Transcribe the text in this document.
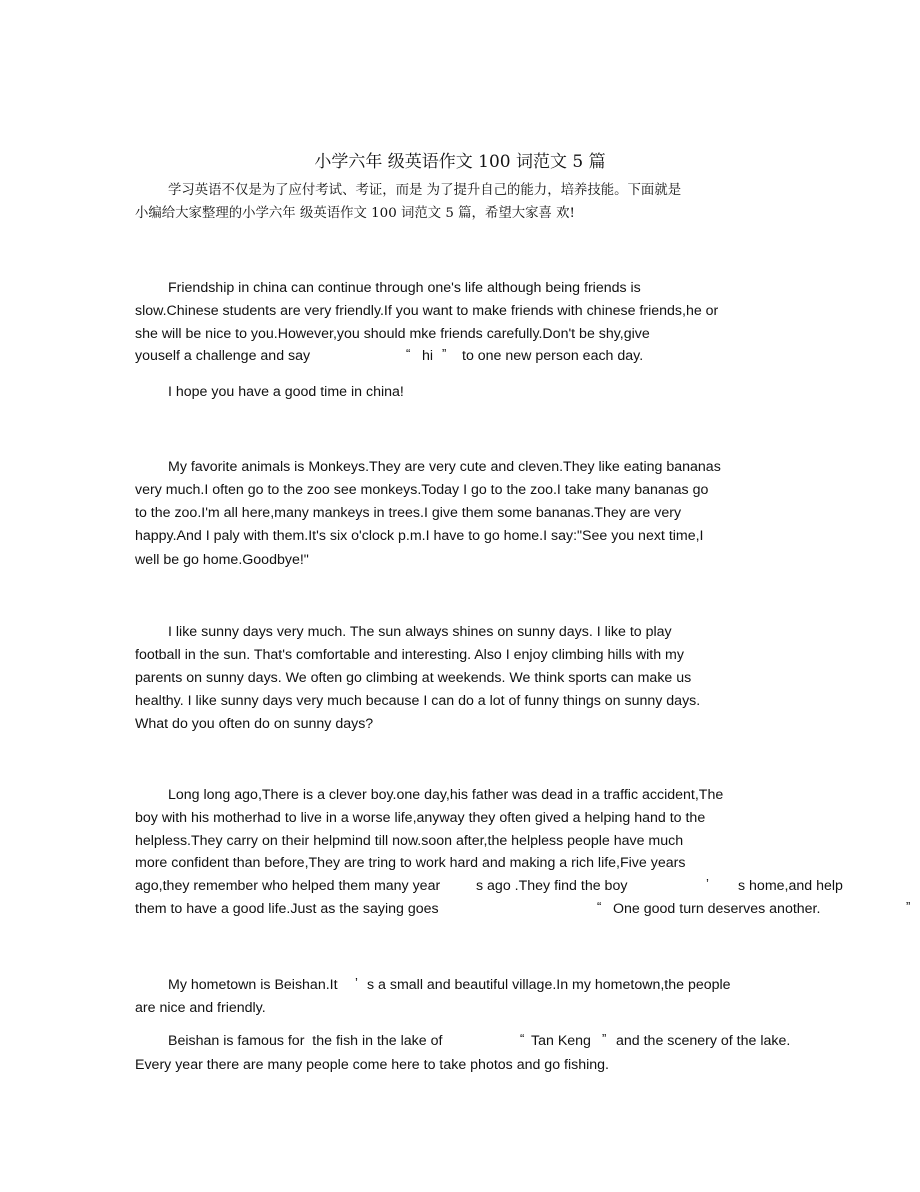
小学六年 级英语作文 100 词范文 5 篇
学习英语不仅是为了应付考试、考证，而是 为了提升自己的能力，培养技能。下面就是
小编给大家整理的小学六年 级英语作文 100 词范文 5 篇，希望大家喜 欢!
Friendship in china can continue through one's life although being friends is
slow.Chinese students are very friendly.If you want to make friends with chinese friends,he or
she will be nice to you.However,you should mke friends carefully.Don't be shy,give
youself a challenge and say	“ hi ” to one new person each day.
I hope you have a good time in china!
My favorite animals is Monkeys.They are very cute and cleven.They like eating bananas
very much.I often go to the zoo see monkeys.Today I go to the zoo.I take many bananas go
to the zoo.I'm all here,many mankeys in trees.I give them some bananas.They are very
happy.And I paly with them.It's six o'clock p.m.I have to go home.I say:"See you next time,I
well be go home.Goodbye!"
I like sunny days very much. The sun always shines on sunny days. I like to play
football in the sun. That's comfortable and interesting. Also I enjoy climbing hills with my
parents on sunny days. We often go climbing at weekends. We think sports can make us
healthy. I like sunny days very much because I can do a lot of funny things on sunny days.
What do you often do on sunny days?
Long long ago,There is a clever boy.one day,his father was dead in a traffic accident,The
boy with his motherhad to live in a worse life,anyway they often gived a helping hand to the
helpless.They carry on their helpmind till now.soon after,the helpless people have much
more confident than before,They are tring to work hard and making a rich life,Five years
ago,they remember who helped them many year	s ago .They find the boy	’ s home,and help
them to have a good life.Just as the saying goes	“ One good turn deserves another.	”
My hometown is Beishan.It ’ s a small and beautiful village.In my hometown,the people
are nice and friendly.
Beishan is famous for  the fish in the lake of	“ Tan Keng ” and the scenery of the lake.
Every year there are many people come here to take photos and go fishing.
